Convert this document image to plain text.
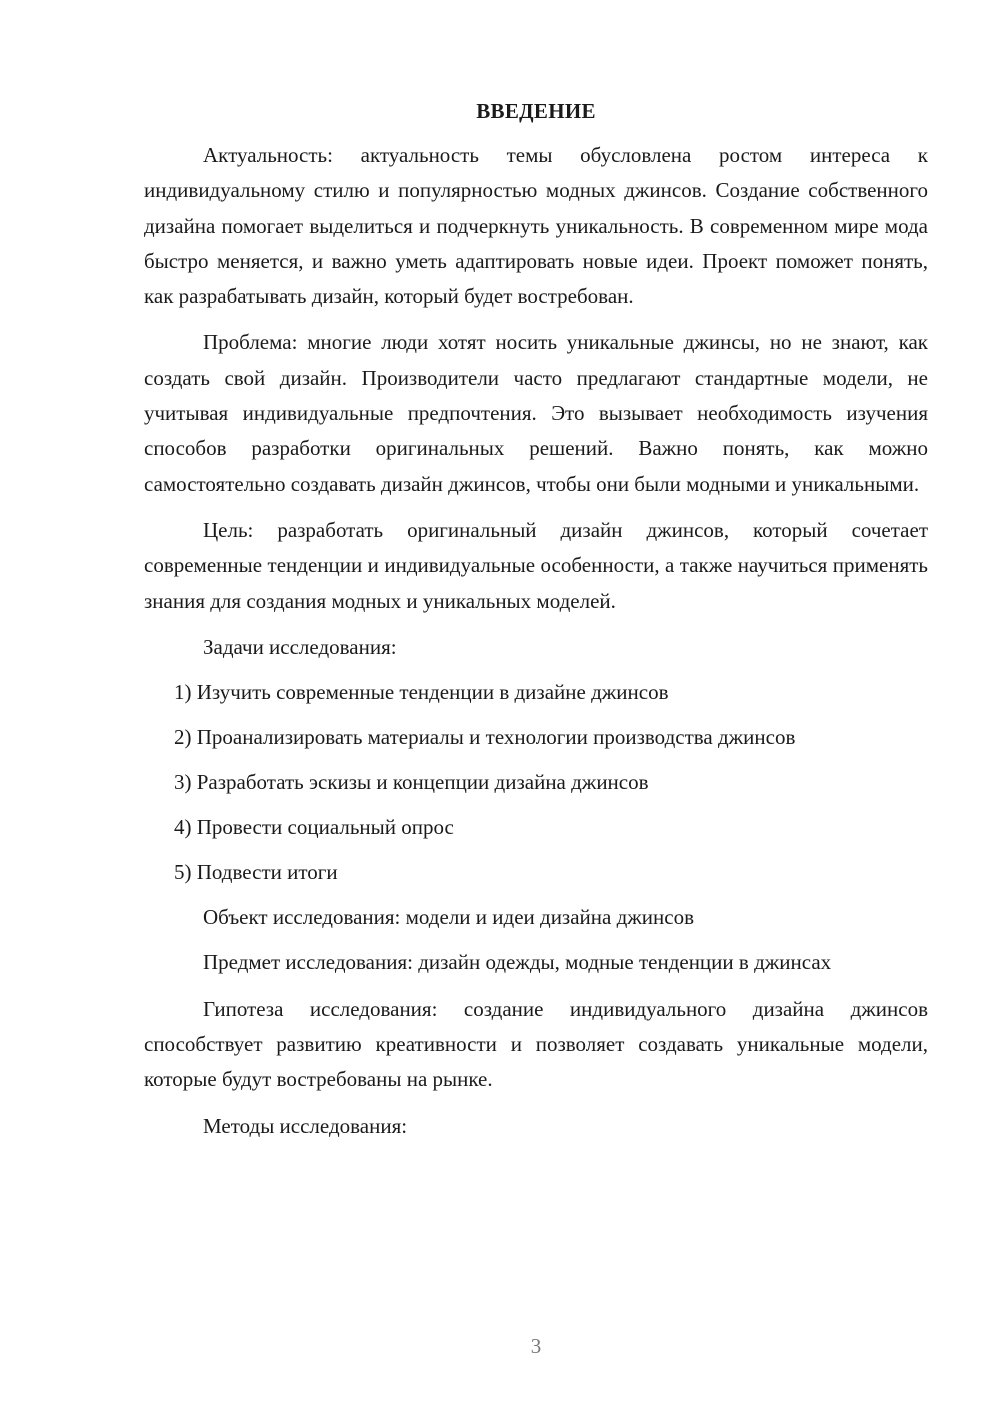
ВВЕДЕНИЕ

Актуальность: актуальность темы обусловлена ростом интереса к индивидуальному стилю и популярностью модных джинсов. Создание собственного дизайна помогает выделиться и подчеркнуть уникальность. В современном мире мода быстро меняется, и важно уметь адаптировать новые идеи. Проект поможет понять, как разрабатывать дизайн, который будет востребован.

Проблема: многие люди хотят носить уникальные джинсы, но не знают, как создать свой дизайн. Производители часто предлагают стандартные модели, не учитывая индивидуальные предпочтения. Это вызывает необходимость изучения способов разработки оригинальных решений. Важно понять, как можно самостоятельно создавать дизайн джинсов, чтобы они были модными и уникальными.

Цель: разработать оригинальный дизайн джинсов, который сочетает современные тенденции и индивидуальные особенности, а также научиться применять знания для создания модных и уникальных моделей.

Задачи исследования:

1) Изучить современные тенденции в дизайне джинсов
2) Проанализировать материалы и технологии производства джинсов
3) Разработать эскизы и концепции дизайна джинсов
4) Провести социальный опрос
5) Подвести итоги

Объект исследования: модели и идеи дизайна джинсов

Предмет исследования: дизайн одежды, модные тенденции в джинсах

Гипотеза исследования: создание индивидуального дизайна джинсов способствует развитию креативности и позволяет создавать уникальные модели, которые будут востребованы на рынке.

Методы исследования:

3
